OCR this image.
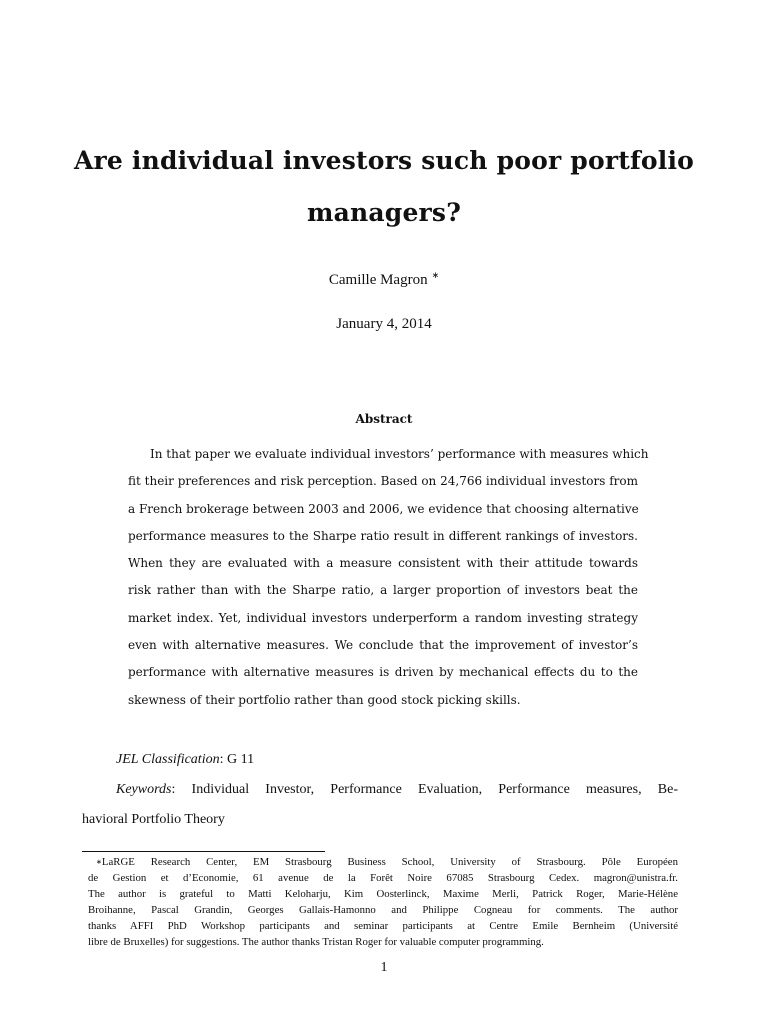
Are individual investors such poor portfolio
managers?
Camille Magron ∗
January 4, 2014
Abstract
In that paper we evaluate individual investors’ performance with measures which
fit their preferences and risk perception. Based on 24,766 individual investors from
a French brokerage between 2003 and 2006, we evidence that choosing alternative
performance measures to the Sharpe ratio result in different rankings of investors.
When they are evaluated with a measure consistent with their attitude towards
risk rather than with the Sharpe ratio, a larger proportion of investors beat the
market index. Yet, individual investors underperform a random investing strategy
even with alternative measures. We conclude that the improvement of investor’s
performance with alternative measures is driven by mechanical effects du to the
skewness of their portfolio rather than good stock picking skills.
JEL Classification: G 11
Keywords: Individual Investor, Performance Evaluation, Performance measures, Be-
havioral Portfolio Theory
∗LaRGE Research Center, EM Strasbourg Business School, University of Strasbourg. Pôle Européen
de Gestion et d’Economie, 61 avenue de la Forêt Noire 67085 Strasbourg Cedex. magron@unistra.fr.
The author is grateful to Matti Keloharju, Kim Oosterlinck, Maxime Merli, Patrick Roger, Marie-Hélène
Broihanne, Pascal Grandin, Georges Gallais-Hamonno and Philippe Cogneau for comments. The author
thanks AFFI PhD Workshop participants and seminar participants at Centre Emile Bernheim (Université
libre de Bruxelles) for suggestions. The author thanks Tristan Roger for valuable computer programming.
1
